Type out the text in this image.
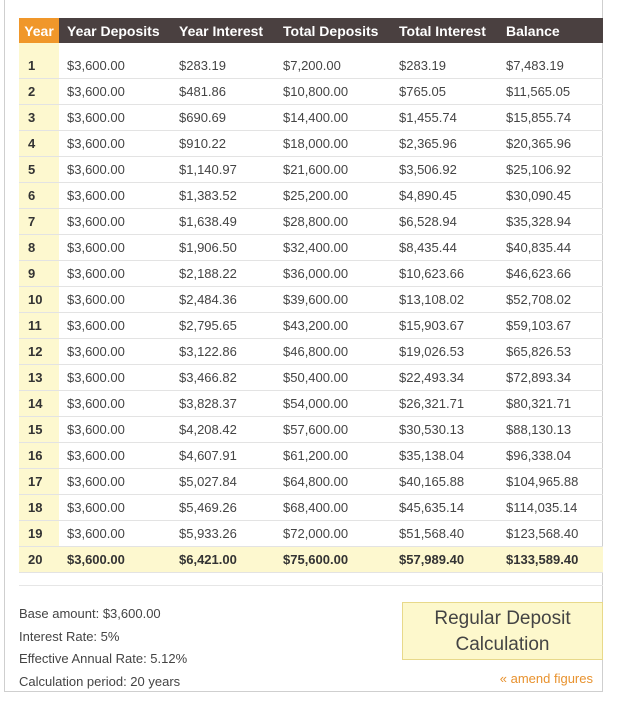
Year	Year Deposits	Year Interest	Total Deposits	Total Interest	Balance

1	$3,600.00	$283.19	$7,200.00	$283.19	$7,483.19
2	$3,600.00	$481.86	$10,800.00	$765.05	$11,565.05
3	$3,600.00	$690.69	$14,400.00	$1,455.74	$15,855.74
4	$3,600.00	$910.22	$18,000.00	$2,365.96	$20,365.96
5	$3,600.00	$1,140.97	$21,600.00	$3,506.92	$25,106.92
6	$3,600.00	$1,383.52	$25,200.00	$4,890.45	$30,090.45
7	$3,600.00	$1,638.49	$28,800.00	$6,528.94	$35,328.94
8	$3,600.00	$1,906.50	$32,400.00	$8,435.44	$40,835.44
9	$3,600.00	$2,188.22	$36,000.00	$10,623.66	$46,623.66
10	$3,600.00	$2,484.36	$39,600.00	$13,108.02	$52,708.02
11	$3,600.00	$2,795.65	$43,200.00	$15,903.67	$59,103.67
12	$3,600.00	$3,122.86	$46,800.00	$19,026.53	$65,826.53
13	$3,600.00	$3,466.82	$50,400.00	$22,493.34	$72,893.34
14	$3,600.00	$3,828.37	$54,000.00	$26,321.71	$80,321.71
15	$3,600.00	$4,208.42	$57,600.00	$30,530.13	$88,130.13
16	$3,600.00	$4,607.91	$61,200.00	$35,138.04	$96,338.04
17	$3,600.00	$5,027.84	$64,800.00	$40,165.88	$104,965.88
18	$3,600.00	$5,469.26	$68,400.00	$45,635.14	$114,035.14
19	$3,600.00	$5,933.26	$72,000.00	$51,568.40	$123,568.40
20	$3,600.00	$6,421.00	$75,600.00	$57,989.40	$133,589.40
Base amount: $3,600.00
Interest Rate: 5%
Effective Annual Rate: 5.12%
Calculation period: 20 years
Regular Deposit
Calculation
« amend figures
